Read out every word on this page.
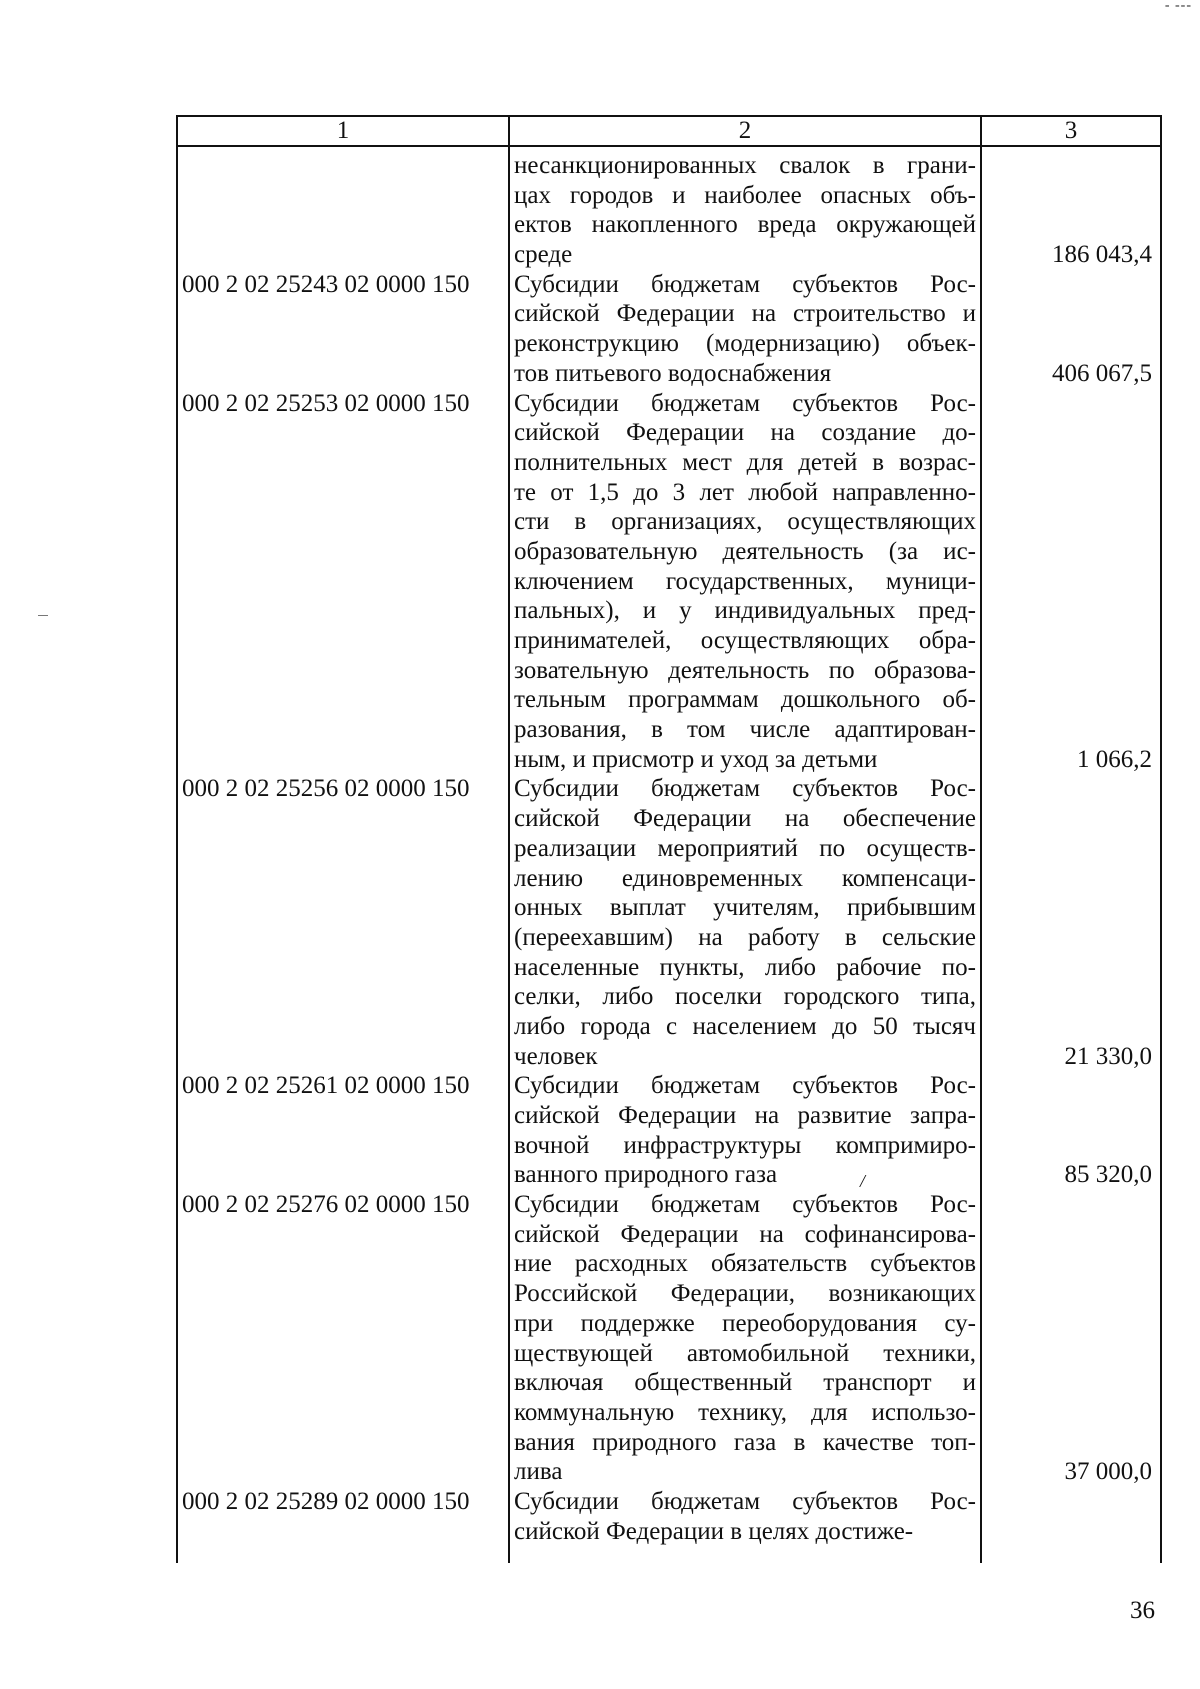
- ---
1	2	3

000 2 02 25243 02 0000 150

000 2 02 25253 02 0000 150

000 2 02 25256 02 0000 150

000 2 02 25261 02 0000 150

000 2 02 25276 02 0000 150

000 2 02 25289 02 0000 150

несанкционированных свалок в грани-
цах городов и наиболее опасных объ-
ектов накопленного вреда окружающей
среде
Субсидии бюджетам субъектов Рос-
сийской Федерации на строительство и
реконструкцию (модернизацию) объек-
тов питьевого водоснабжения
Субсидии бюджетам субъектов Рос-
сийской Федерации на создание до-
полнительных мест для детей в возрас-
те от 1,5 до 3 лет любой направленно-
сти в организациях, осуществляющих
образовательную деятельность (за ис-
ключением государственных, муници-
пальных), и у индивидуальных пред-
принимателей, осуществляющих обра-
зовательную деятельность по образова-
тельным программам дошкольного об-
разования, в том числе адаптирован-
ным, и присмотр и уход за детьми
Субсидии бюджетам субъектов Рос-
сийской Федерации на обеспечение
реализации мероприятий по осуществ-
лению единовременных компенсаци-
онных выплат учителям, прибывшим
(переехавшим) на работу в сельские
населенные пункты, либо рабочие по-
селки, либо поселки городского типа,
либо города с населением до 50 тысяч
человек
Субсидии бюджетам субъектов Рос-
сийской Федерации на развитие запра-
вочной инфраструктуры компримиро-
ванного природного газа
Субсидии бюджетам субъектов Рос-
сийской Федерации на софинансирова-
ние расходных обязательств субъектов
Российской Федерации, возникающих
при поддержке переоборудования су-
ществующей автомобильной техники,
включая общественный транспорт и
коммунальную технику, для использо-
вания природного газа в качестве топ-
лива
Субсидии бюджетам субъектов Рос-
сийской Федерации в целях достиже-

186 043,4

406 067,5

1 066,2

21 330,0

85 320,0

37 000,0

/
36
